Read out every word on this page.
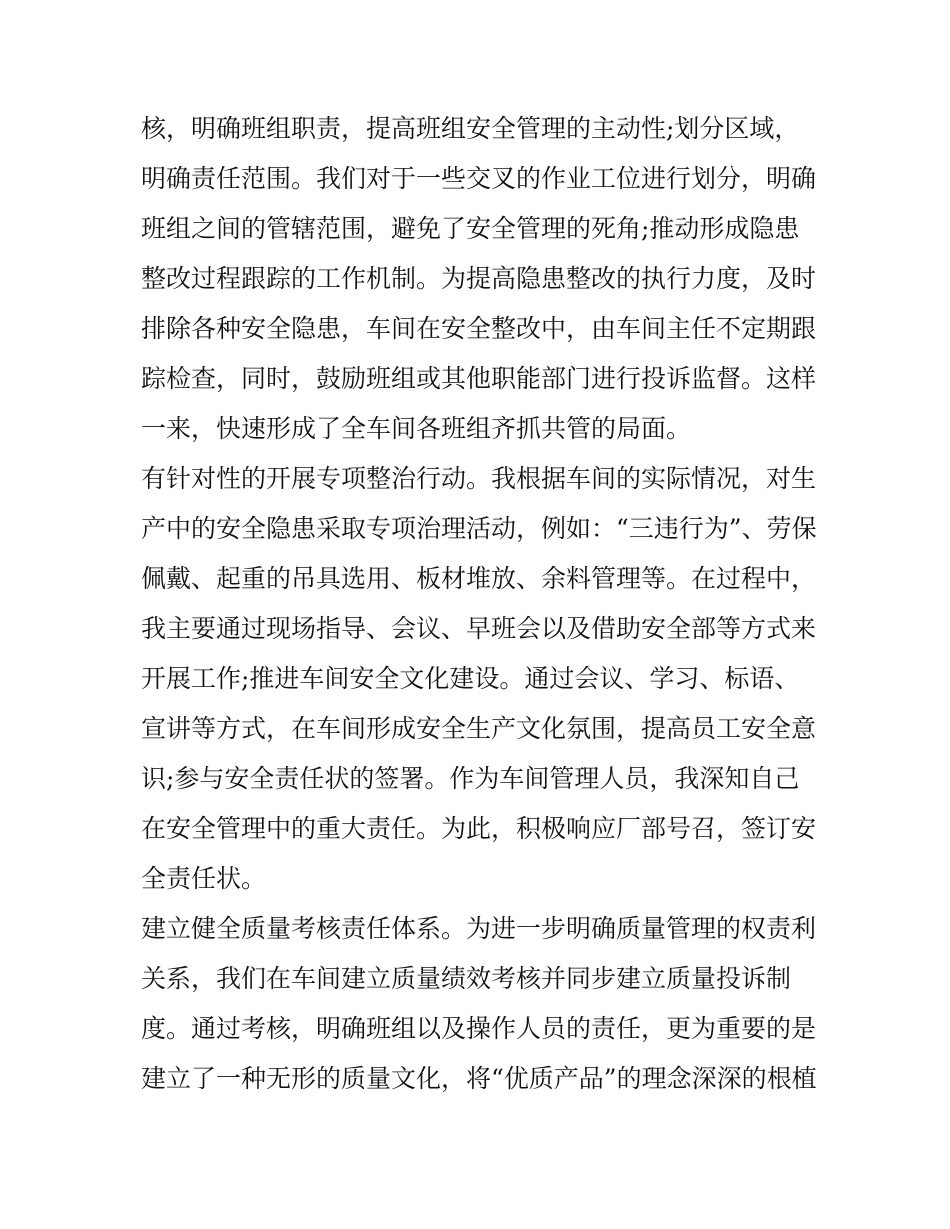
核，明确班组职责，提高班组安全管理的主动性;划分区域，
明确责任范围。我们对于一些交叉的作业工位进行划分，明确
班组之间的管辖范围，避免了安全管理的死角;推动形成隐患
整改过程跟踪的工作机制。为提高隐患整改的执行力度，及时
排除各种安全隐患，车间在安全整改中，由车间主任不定期跟
踪检查，同时，鼓励班组或其他职能部门进行投诉监督。这样
一来，快速形成了全车间各班组齐抓共管的局面。
有针对性的开展专项整治行动。我根据车间的实际情况，对生
产中的安全隐患采取专项治理活动，例如：“三违行为”、劳保
佩戴、起重的吊具选用、板材堆放、余料管理等。在过程中，
我主要通过现场指导、会议、早班会以及借助安全部等方式来
开展工作;推进车间安全文化建设。通过会议、学习、标语、
宣讲等方式，在车间形成安全生产文化氛围，提高员工安全意
识;参与安全责任状的签署。作为车间管理人员，我深知自己
在安全管理中的重大责任。为此，积极响应厂部号召，签订安
全责任状。
建立健全质量考核责任体系。为进一步明确质量管理的权责利
关系，我们在车间建立质量绩效考核并同步建立质量投诉制
度。通过考核，明确班组以及操作人员的责任，更为重要的是
建立了一种无形的质量文化，将“优质产品”的理念深深的根植
